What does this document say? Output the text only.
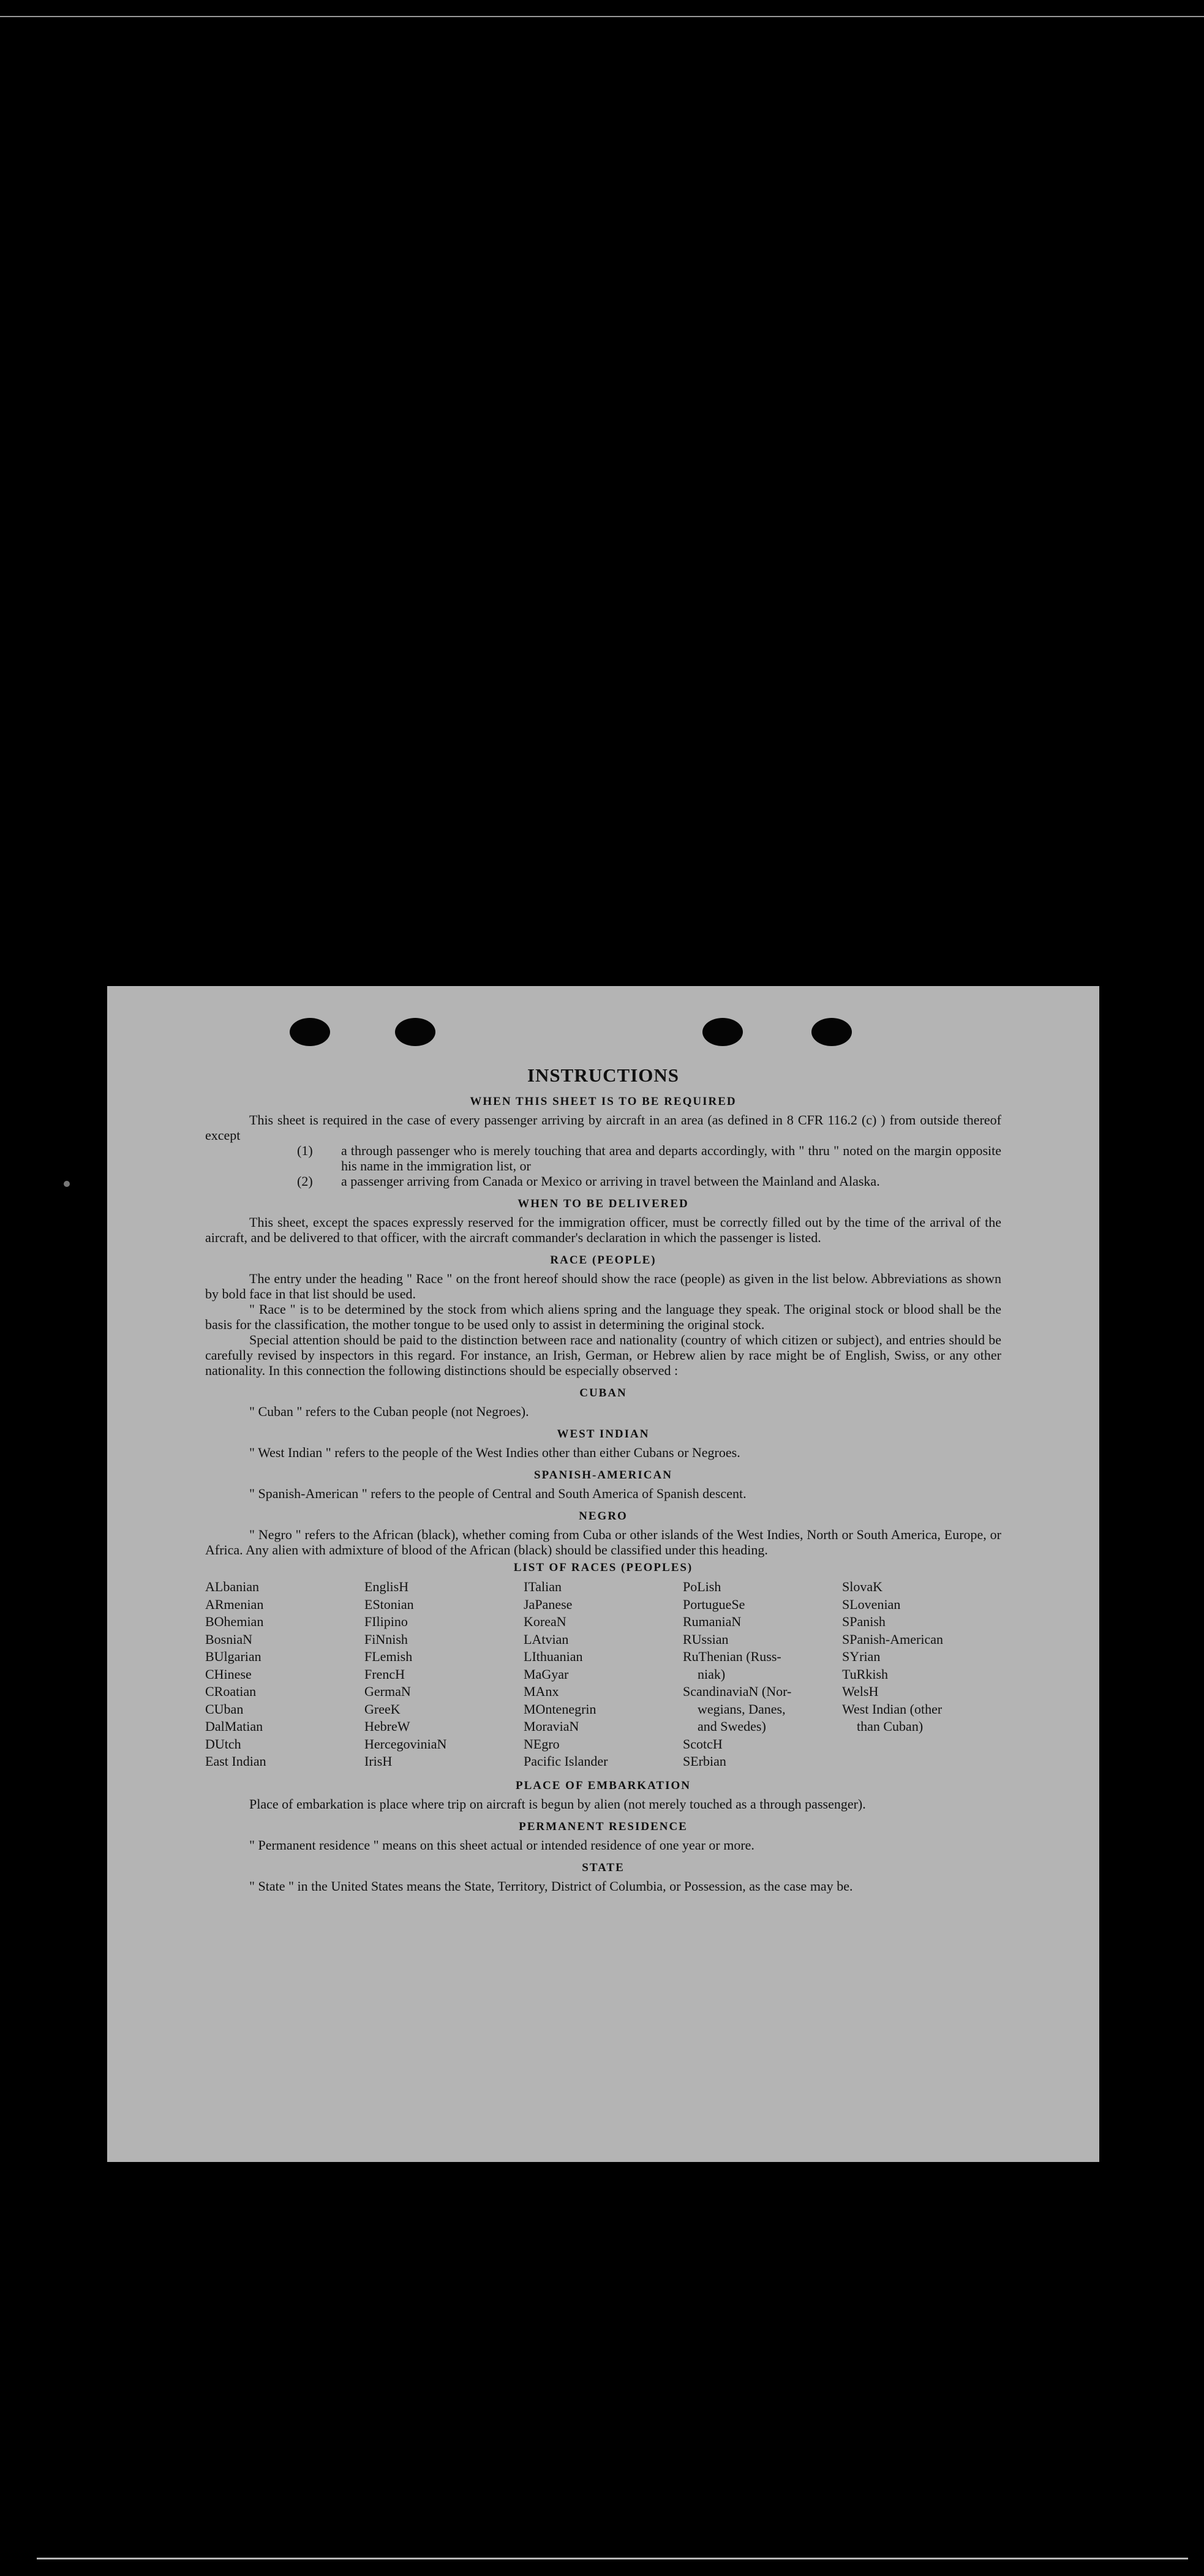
INSTRUCTIONS
WHEN THIS SHEET IS TO BE REQUIRED

This sheet is required in the case of every passenger arriving by aircraft in an area (as defined in 8 CFR 116.2 (c) ) from outside thereof except

(1)	a through passenger who is merely touching that area and departs accordingly, with " thru " noted on the margin opposite his name in the immigration list, or
(2)	a passenger arriving from Canada or Mexico or arriving in travel between the Mainland and Alaska.
WHEN TO BE DELIVERED

This sheet, except the spaces expressly reserved for the immigration officer, must be correctly filled out by the time of the arrival of the aircraft, and be delivered to that officer, with the aircraft commander's declaration in which the passenger is listed.

RACE (PEOPLE)

The entry under the heading " Race " on the front hereof should show the race (people) as given in the list below. Abbreviations as shown by bold face in that list should be used.

" Race " is to be determined by the stock from which aliens spring and the language they speak. The original stock or blood shall be the basis for the classification, the mother tongue to be used only to assist in determining the original stock.

Special attention should be paid to the distinction between race and nationality (country of which citizen or subject), and entries should be carefully revised by inspectors in this regard. For instance, an Irish, German, or Hebrew alien by race might be of English, Swiss, or any other nationality. In this connection the following distinctions should be especially observed :

CUBAN

" Cuban " refers to the Cuban people (not Negroes).

WEST INDIAN

" West Indian " refers to the people of the West Indies other than either Cubans or Negroes.

SPANISH-AMERICAN

" Spanish-American " refers to the people of Central and South America of Spanish descent.

NEGRO

" Negro " refers to the African (black), whether coming from Cuba or other islands of the West Indies, North or South America, Europe, or Africa. Any alien with admixture of blood of the African (black) should be classified under this heading.

LIST OF RACES (PEOPLES)
ALbanian
ARmenian
BOhemian
BosniaN
BUlgarian
CHinese
CRoatian
CUban
DalMatian
DUtch
East Indian
EnglisH
EStonian
FIlipino
FiNnish
FLemish
FrencH
GermaN
GreeK
HebreW
HercegoviniaN
IrisH
ITalian
JaPanese
KoreaN
LAtvian
LIthuanian
MaGyar
MAnx
MOntenegrin
MoraviaN
NEgro
Pacific Islander
PoLish
PortugueSe
RumaniaN
RUssian
RuThenian (Russ-
niak)
ScandinaviaN (Nor-
wegians, Danes,
and Swedes)
ScotcH
SErbian
SlovaK
SLovenian
SPanish
SPanish-American
SYrian
TuRkish
WelsH
West Indian (other
than Cuban)
PLACE OF EMBARKATION

Place of embarkation is place where trip on aircraft is begun by alien (not merely touched as a through passenger).

PERMANENT RESIDENCE

" Permanent residence " means on this sheet actual or intended residence of one year or more.

STATE

" State " in the United States means the State, Territory, District of Columbia, or Possession, as the case may be.
